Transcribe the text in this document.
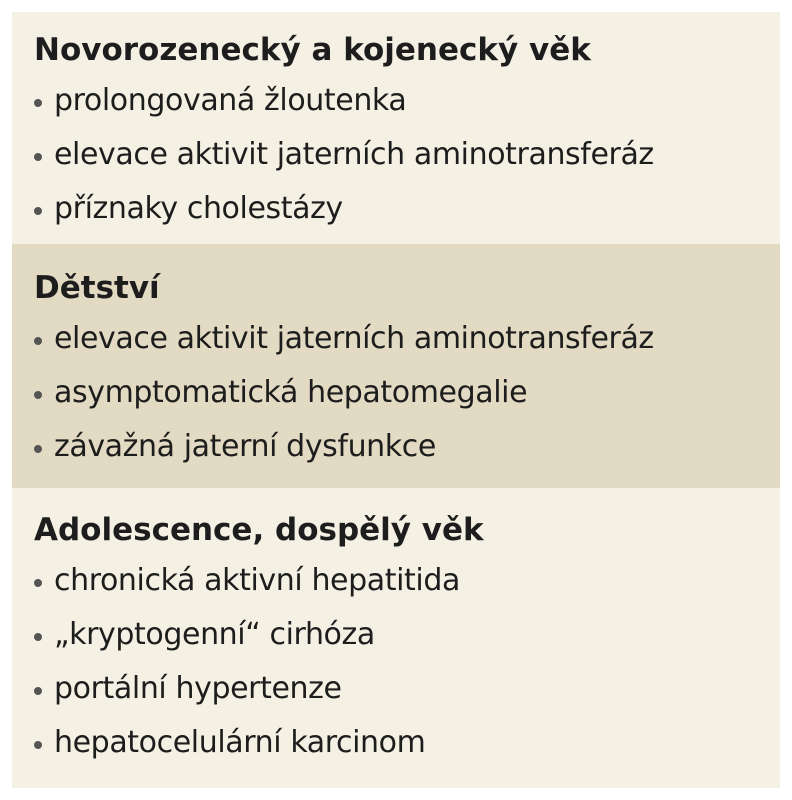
Novorozenecký a kojenecký věk
prolongovaná žloutenka
elevace aktivit jaterních aminotransferáz
příznaky cholestázy
Dětství
elevace aktivit jaterních aminotransferáz
asymptomatická hepatomegalie
závažná jaterní dysfunkce
Adolescence, dospělý věk
chronická aktivní hepatitida
„kryptogenní“ cirhóza
portální hypertenze
hepatocelulární karcinom
